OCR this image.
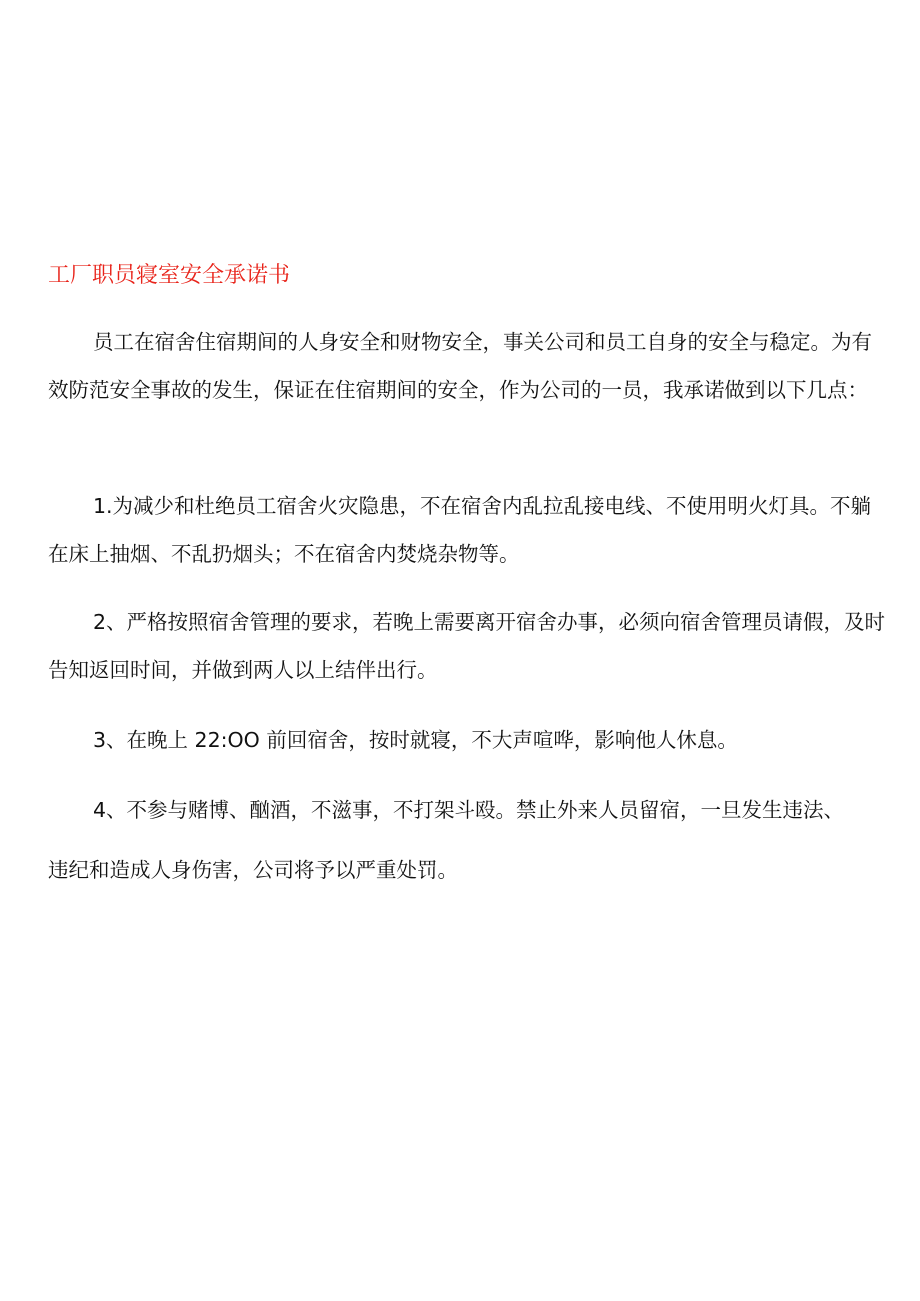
工厂职员寝室安全承诺书

员工在宿舍住宿期间的人身安全和财物安全，事关公司和员工自身的安全与稳定。为有效防范安全事故的发生，保证在住宿期间的安全，作为公司的一员，我承诺做到以下几点：

1.为减少和杜绝员工宿舍火灾隐患，不在宿舍内乱拉乱接电线、不使用明火灯具。不躺在床上抽烟、不乱扔烟头；不在宿舍内焚烧杂物等。

2、严格按照宿舍管理的要求，若晚上需要离开宿舍办事，必须向宿舍管理员请假，及时告知返回时间，并做到两人以上结伴出行。

3、在晚上 22:OO 前回宿舍，按时就寝，不大声喧哗，影响他人休息。

4、不参与赌博、酗酒，不滋事，不打架斗殴。禁止外来人员留宿，一旦发生违法、违纪和造成人身伤害，公司将予以严重处罚。
